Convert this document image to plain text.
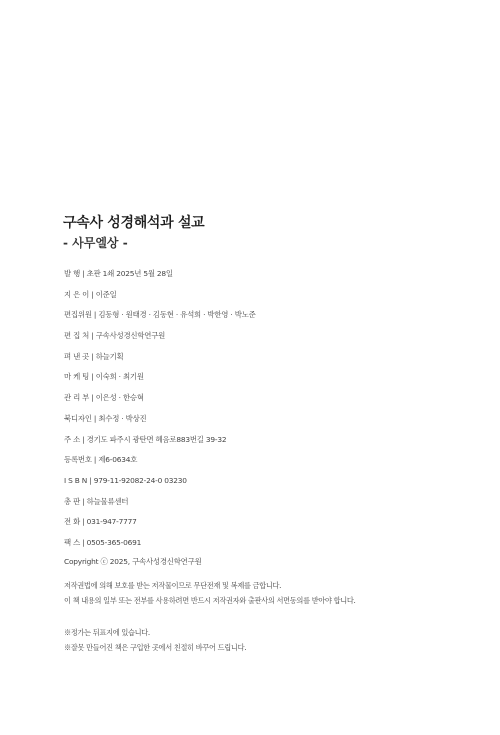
구속사 성경해석과 설교
- 사무엘상 -
발 행 | 초판 1쇄 2025년 5월 28일
지 은 이 | 이준일
편집위원 | 김동형 · 원태경 · 김동현 · 유석희 · 박한영 · 박노준
편 집 처 | 구속사성경신학연구원
펴 낸 곳 | 하늘기획
마 케 팅 | 이숙희 · 최기원
관 리 부 | 이은성 · 한승혁
북디자인 | 최수정 · 박상진
주 소 | 경기도 파주시 광탄면 혜음로883번길 39-32
등록번호 | 제6-0634호
I S B N | 979-11-92082-24-0 03230
총 판 | 하늘물류센터
전 화 | 031-947-7777
팩 스 | 0505-365-0691
Copyright ⓒ 2025, 구속사성경신학연구원
저작권법에 의해 보호를 받는 저작물이므로 무단전재 및 복제를 금합니다.
이 책 내용의 일부 또는 전부를 사용하려면 반드시 저작권자와 출판사의 서면동의를 받아야 합니다.
※정가는 뒤표지에 있습니다.
※잘못 만들어진 책은 구입한 곳에서 친절히 바꾸어 드립니다.
